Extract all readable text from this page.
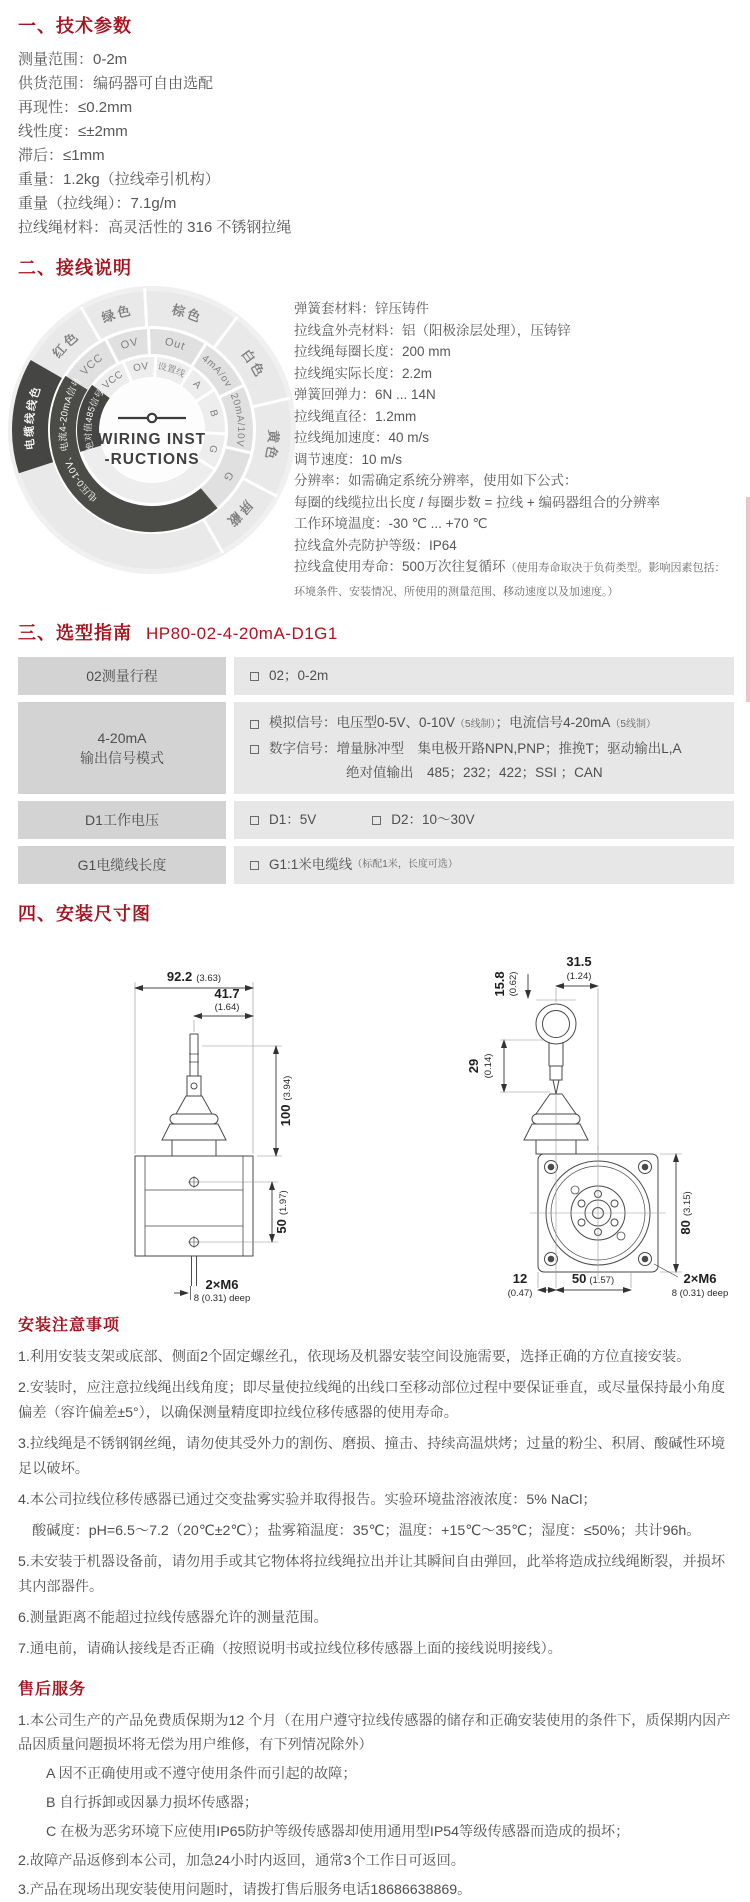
一、技术参数

测量范围：0-2m

供货范围：编码器可自由选配

再现性：≤0.2mm

线性度：≤±2mm

滞后：≤1mm

重量：1.2kg（拉线牵引机构）

重量（拉线绳）：7.1g/m

拉线绳材料：高灵活性的 316 不锈钢拉绳

二、接线说明
红色
绿色	棕色
白色
黄色
屏蔽
电缆线线色
VCC
OV Out
4mA/ov
20mA/10V
G
电压0-10V、电流4-20mA信号	VCC
OV 设置线
A
B
G
绝对值485信号
WIRING INST
-RUCTIONS

弹簧套材料：锌压铸件

拉线盒外壳材料：铝（阳极涂层处理），压铸锌

拉线绳每圈长度：200 mm

拉线绳实际长度：2.2m

弹簧回弹力：6N ... 14N

拉线绳直径：1.2mm

拉线绳加速度：40 m/s

调节速度：10 m/s

分辨率：如需确定系统分辨率，使用如下公式：

每圈的线缆拉出长度 / 每圈步数 = 拉线 + 编码器组合的分辨率

工作环境温度：-30 ℃ ... +70 ℃

拉线盒外壳防护等级：IP64

拉线盒使用寿命：500万次往复循环（使用寿命取决于负荷类型。影响因素包括：环境条件、安装情况、所使用的测量范围、移动速度以及加速度。）

三、选型指南 HP80-02-4-20mA-D1G1
02测量行程	02；0-2m
4-20mA
输出信号模式
模拟信号：电压型0-5V、0-10V（5线制）；电流信号4-20mA（5线制）
数字信号：增量脉冲型　集电极开路NPN,PNP；推挽T；驱动输出L,A
绝对值输出　 485；232；422；SSI ；CAN
D1工作电压	D1：5V	D2：10～30V
G1电缆线长度	G1:1米电缆线 （标配1米，长度可选）
四、安装尺寸图
92.2 (3.63)
41.7
(1.64)
100(3.94)
50(1.97)
2×M6
8 (0.31) deep
31.5
(1.24)
15.8 (0.62)
29 (0.14)
80(3.15)
12
(0.47)
50 (1.57)	2×M6
8 (0.31) deep
安装注意事项

1.利用安装支架或底部、侧面2个固定螺丝孔，依现场及机器安装空间设施需要，选择正确的方位直接安装。

2.安装时，应注意拉线绳出线角度；即尽量使拉线绳的出线口至移动部位过程中要保证垂直，或尽量保持最小角度偏差（容许偏差±5°），以确保测量精度即拉线位移传感器的使用寿命。

3.拉线绳是不锈钢钢丝绳，请勿使其受外力的割伤、磨损、撞击、持续高温烘烤；过量的粉尘、积屑、酸碱性环境足以破坏。

4.本公司拉线位移传感器已通过交变盐雾实验并取得报告。实验环境盐溶液浓度：5% NaCl；

酸碱度：pH=6.5～7.2（20℃±2℃）；盐雾箱温度：35℃；温度：+15℃～35℃；湿度：≤50%；共计96h。

5.未安装于机器设备前，请勿用手或其它物体将拉线绳拉出并让其瞬间自由弹回，此举将造成拉线绳断裂，并损坏其内部器件。

6.测量距离不能超过拉线传感器允许的测量范围。

7.通电前，请确认接线是否正确（按照说明书或拉线位移传感器上面的接线说明接线）。

售后服务

1.本公司生产的产品免费质保期为12 个月（在用户遵守拉线传感器的储存和正确安装使用的条件下，质保期内因产品因质量问题损坏将无偿为用户维修，有下列情况除外）

A 因不正确使用或不遵守使用条件而引起的故障；

B 自行拆卸或因暴力损坏传感器；

C 在极为恶劣环境下应使用IP65防护等级传感器却使用通用型IP54等级传感器而造成的损坏；

2.故障产品返修到本公司，加急24小时内返回，通常3个工作日可返回。

3.产品在现场出现安装使用问题时，请拨打售后服务电话18686638869。
